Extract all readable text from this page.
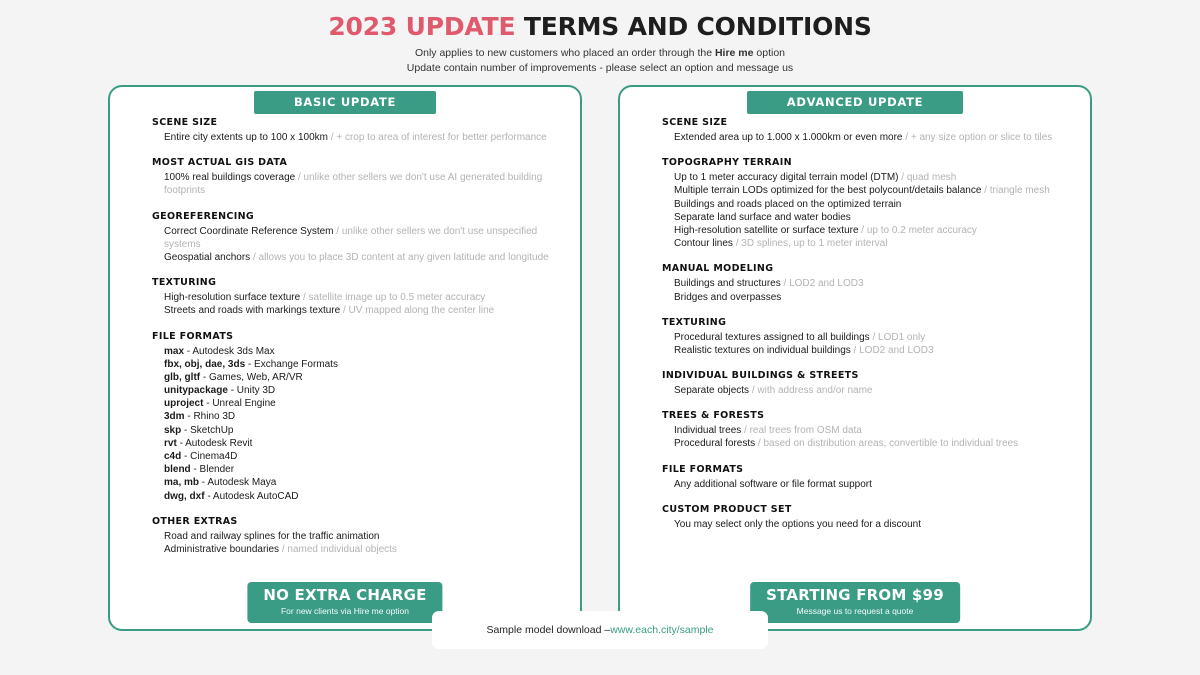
2023 UPDATE TERMS AND CONDITIONS
Only applies to new customers who placed an order through the Hire me option
Update contain number of improvements - please select an option and message us
BASIC UPDATE
SCENE SIZE
Entire city extents up to 100 x 100km / + crop to area of interest for better performance
MOST ACTUAL GIS DATA
100% real buildings coverage / unlike other sellers we don't use AI generated building footprints
GEOREFERENCING
Correct Coordinate Reference System / unlike other sellers we don't use unspecified systems
Geospatial anchors / allows you to place 3D content at any given latitude and longitude
TEXTURING
High-resolution surface texture / satellite image up to 0.5 meter accuracy
Streets and roads with markings texture / UV mapped along the center line
FILE FORMATS
max - Autodesk 3ds Max
fbx, obj, dae, 3ds - Exchange Formats
glb, gltf - Games, Web, AR/VR
unitypackage - Unity 3D
uproject - Unreal Engine
3dm - Rhino 3D
skp - SketchUp
rvt - Autodesk Revit
c4d - Cinema4D
blend - Blender
ma, mb - Autodesk Maya
dwg, dxf - Autodesk AutoCAD
OTHER EXTRAS
Road and railway splines for the traffic animation
Administrative boundaries / named individual objects
NO EXTRA CHARGE
For new clients via Hire me option
ADVANCED UPDATE
SCENE SIZE
Extended area up to 1.000 x 1.000km or even more / + any size option or slice to tiles
TOPOGRAPHY TERRAIN
Up to 1 meter accuracy digital terrain model (DTM) / quad mesh
Multiple terrain LODs optimized for the best polycount/details balance / triangle mesh
Buildings and roads placed on the optimized terrain
Separate land surface and water bodies
High-resolution satellite or surface texture / up to 0.2 meter accuracy
Contour lines / 3D splines, up to 1 meter interval
MANUAL MODELING
Buildings and structures / LOD2 and LOD3
Bridges and overpasses
TEXTURING
Procedural textures assigned to all buildings / LOD1 only
Realistic textures on individual buildings / LOD2 and LOD3
INDIVIDUAL BUILDINGS & STREETS
Separate objects / with address and/or name
TREES & FORESTS
Individual trees / real trees from OSM data
Procedural forests / based on distribution areas, convertible to individual trees
FILE FORMATS
Any additional software or file format support
CUSTOM PRODUCT SET
You may select only the options you need for a discount
STARTING FROM $99
Message us to request a quote
Sample model download – www.each.city/sample
